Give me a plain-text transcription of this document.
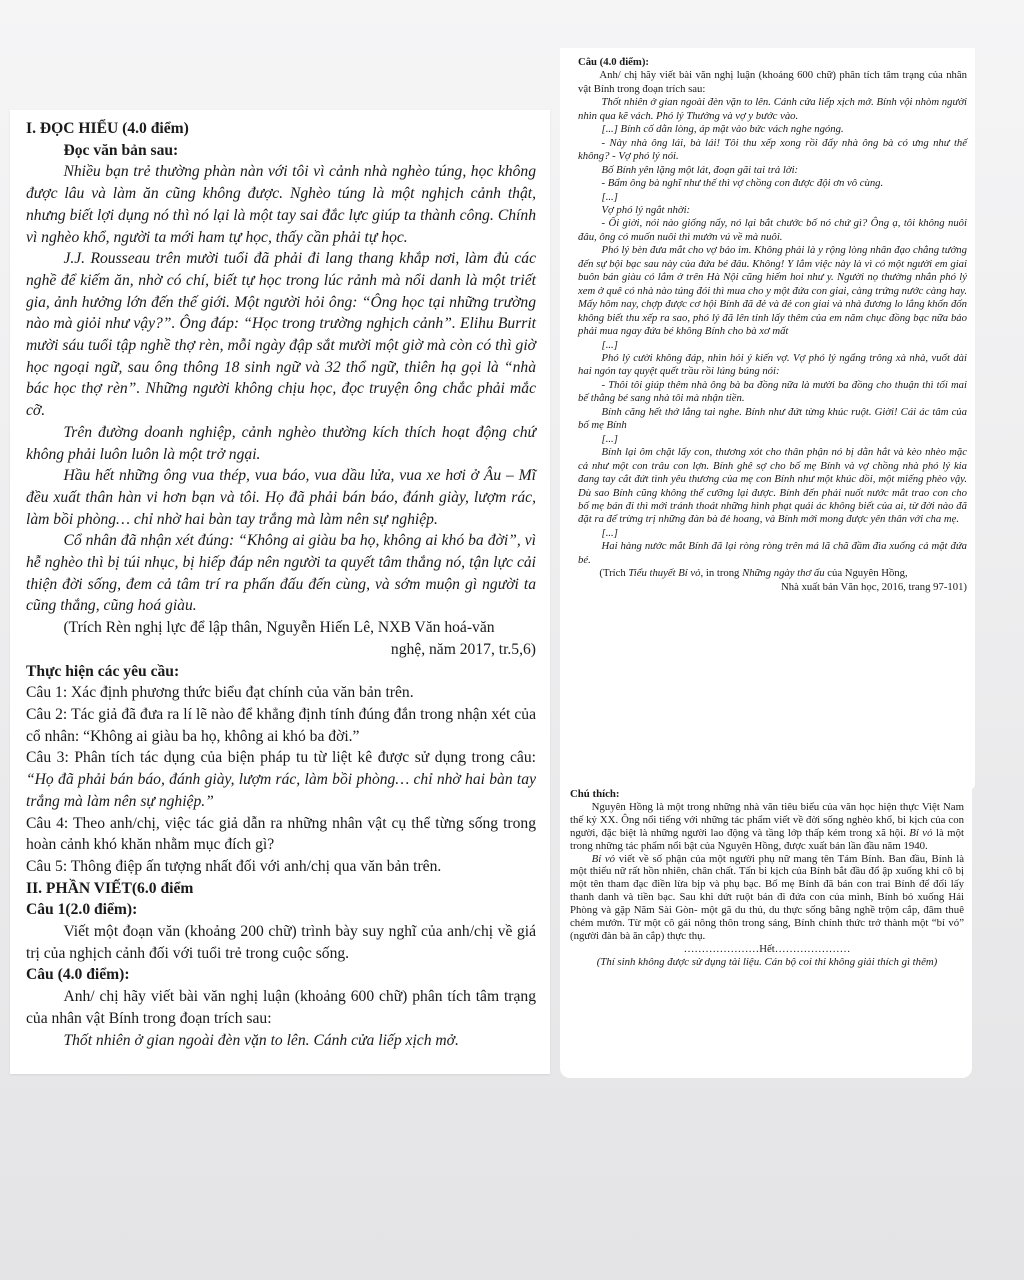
I. ĐỌC HIỂU (4.0 điểm)

Đọc văn bản sau:

Nhiều bạn trẻ thường phàn nàn với tôi vì cảnh nhà nghèo túng, học không được lâu và làm ăn cũng không được. Nghèo túng là một nghịch cảnh thật, nhưng biết lợi dụng nó thì nó lại là một tay sai đắc lực giúp ta thành công. Chính vì nghèo khổ, người ta mới ham tự học, thấy cần phải tự học.

J.J. Rousseau trên mười tuổi đã phải đi lang thang khắp nơi, làm đủ các nghề để kiếm ăn, nhờ có chí, biết tự học trong lúc rảnh mà nổi danh là một triết gia, ảnh hưởng lớn đến thế giới. Một người hỏi ông: “Ông học tại những trường nào mà giỏi như vậy?”. Ông đáp: “Học trong trường nghịch cảnh”. Elihu Burrit mười sáu tuổi tập nghề thợ rèn, mỗi ngày đập sắt mười một giờ mà còn có thì giờ học ngoại ngữ, sau ông thông 18 sinh ngữ và 32 thổ ngữ, thiên hạ gọi là “nhà bác học thợ rèn”. Những người không chịu học, đọc truyện ông chắc phải mắc cỡ.

Trên đường doanh nghiệp, cảnh nghèo thường kích thích hoạt động chứ không phải luôn luôn là một trở ngại.

Hầu hết những ông vua thép, vua báo, vua dầu lửa, vua xe hơi ở Âu – Mĩ đều xuất thân hàn vi hơn bạn và tôi. Họ đã phải bán báo, đánh giày, lượm rác, làm bồi phòng… chỉ nhờ hai bàn tay trắng mà làm nên sự nghiệp.

Cổ nhân đã nhận xét đúng: “Không ai giàu ba họ, không ai khó ba đời”, vì hễ nghèo thì bị túi nhục, bị hiếp đáp nên người ta quyết tâm thắng nó, tận lực cải thiện đời sống, đem cả tâm trí ra phấn đấu đến cùng, và sớm muộn gì người ta cũng thắng, cũng hoá giàu.

(Trích Rèn nghị lực để lập thân, Nguyễn Hiến Lê, NXB Văn hoá-văn

nghệ, năm 2017, tr.5,6)

Thực hiện các yêu cầu:

Câu 1: Xác định phương thức biểu đạt chính của văn bản trên.

Câu 2: Tác giả đã đưa ra lí lẽ nào để khẳng định tính đúng đắn trong nhận xét của cổ nhân: “Không ai giàu ba họ, không ai khó ba đời.”

Câu 3: Phân tích tác dụng của biện pháp tu từ liệt kê được sử dụng trong câu: “Họ đã phải bán báo, đánh giày, lượm rác, làm bồi phòng… chỉ nhờ hai bàn tay trắng mà làm nên sự nghiệp.”

Câu 4: Theo anh/chị, việc tác giả dẫn ra những nhân vật cụ thể từng sống trong hoàn cảnh khó khăn nhằm mục đích gì?

Câu 5: Thông điệp ấn tượng nhất đối với anh/chị qua văn bản trên.

II. PHẦN VIẾT(6.0 điểm

Câu 1(2.0 điểm):

Viết một đoạn văn (khoảng 200 chữ) trình bày suy nghĩ của anh/chị về giá trị của nghịch cảnh đối với tuổi trẻ trong cuộc sống.

Câu (4.0 điểm):

Anh/ chị hãy viết bài văn nghị luận (khoảng 600 chữ) phân tích tâm trạng của nhân vật Bính trong đoạn trích sau:

Thốt nhiên ở gian ngoài đèn vặn to lên. Cánh cửa liếp xịch mở.

Câu (4.0 điểm):

Anh/ chị hãy viết bài văn nghị luận (khoảng 600 chữ) phân tích tâm trạng của nhân vật Bính trong đoạn trích sau:

Thốt nhiên ở gian ngoài đèn vặn to lên. Cánh cửa liếp xịch mở. Bính vội nhòm người nhìn qua kẽ vách. Phó lý Thưởng và vợ y bước vào.

[...] Bính cố dằn lòng, áp mặt vào bức vách nghe ngóng.

- Này nhà ông lái, bà lái! Tôi thu xếp xong rồi đấy nhà ông bà có ưng như thế không? - Vợ phó lý nói.

Bố Bính yên lặng một lát, đoạn gãi tai trả lời:

- Bẩm ông bà nghĩ như thế thì vợ chồng con được đội ơn vô cùng.

[...]

Vợ phó lý ngắt nhời:

- Ối giời, nói nào giống nẩy, nó lại bắt chước bố nó chứ gì? Ông ạ, tôi không nuôi đâu, ông có muốn nuôi thì mướn vú về mà nuôi.

Phó lý bèn đưa mắt cho vợ bảo im. Không phải là y rộng lòng nhân đạo chẳng tưởng đến sự bội bạc sau này của đứa bé đâu. Không! Y lắm việc này là vì có một người em giai buôn bán giàu có lắm ở trên Hà Nội cũng hiếm hoi như y. Người nọ thường nhắn phó lý xem ở quê có nhà nào túng đói thì mua cho y một đứa con giai, càng trứng nước càng hay. Mấy hôm nay, chợp được cơ hội Bính đã đẻ và đẻ con giai và nhà đương lo lắng khốn đốn không biết thu xếp ra sao, phó lý đã lên tỉnh lấy thêm của em năm chục đồng bạc nữa bảo phải mua ngay đứa bé không Bính cho bà xơ mất

[...]

Phó lý cười không đáp, nhìn hỏi ý kiến vợ. Vợ phó lý ngẩng trông xà nhà, vuốt dài hai ngón tay quyệt quết trầu rồi lúng búng nói:

- Thôi tôi giúp thêm nhà ông bà ba đồng nữa là mười ba đồng cho thuận thì tối mai bế thằng bé sang nhà tôi mà nhận tiền.

Bính căng hết thớ lắng tai nghe. Bính như đứt từng khúc ruột. Giời! Cái ác tâm của bố mẹ Bính

[...]

Bính lại ôm chặt lấy con, thương xót cho thân phận nó bị dằn hắt và kèo nhèo mặc cả như một con trâu con lợn. Bính ghê sợ cho bố mẹ Bính và vợ chồng nhà phó lý kia đang tay cắt đứt tình yêu thương của mẹ con Bính như một khúc dồi, một miếng phèo vậy. Dù sao Bính cũng không thể cưỡng lại được. Bính đến phải nuốt nước mắt trao con cho bố mẹ bán đi thì mới tránh thoát những hình phạt quái ác không biết của ai, từ đời nào đã đặt ra để trừng trị những đàn bà đẻ hoang, và Bính mới mong được yên thân với cha mẹ.

[...]

Hai hàng nước mắt Bính đã lại ròng ròng trên má lã chã đầm đìa xuống cả mặt đứa bé.

(Trích Tiểu thuyết Bỉ vỏ, in trong Những ngày thơ ấu của Nguyên Hồng,

Nhà xuất bản Văn học, 2016, trang 97-101)

Chú thích:

Nguyên Hồng là một trong những nhà văn tiêu biểu của văn học hiện thực Việt Nam thế kỷ XX. Ông nổi tiếng với những tác phẩm viết về đời sống nghèo khổ, bi kịch của con người, đặc biệt là những người lao động và tầng lớp thấp kém trong xã hội. Bỉ vỏ là một trong những tác phẩm nổi bật của Nguyên Hồng, được xuất bản lần đầu năm 1940.

Bỉ vỏ viết về số phận của một người phụ nữ mang tên Tám Bính. Ban đầu, Bính là một thiếu nữ rất hồn nhiên, chân chất. Tấn bi kịch của Bính bắt đầu đổ ập xuống khi cô bị một tên tham đạc điền lừa bịp và phụ bạc. Bố mẹ Bính đã bán con trai Bính để đổi lấy thanh danh và tiền bạc. Sau khi dứt ruột bán đi đứa con của mình, Bính bỏ xuống Hải Phòng và gặp Năm Sài Gòn- một gã du thủ, du thực sống bằng nghề trộm cắp, đâm thuê chém mướn. Từ một cô gái nông thôn trong sáng, Bính chính thức trở thành một “bỉ vỏ” (người đàn bà ăn cắp) thực thụ.

…………………Hết…………………

(Thí sinh không được sử dụng tài liệu. Cán bộ coi thi không giải thích gì thêm)
